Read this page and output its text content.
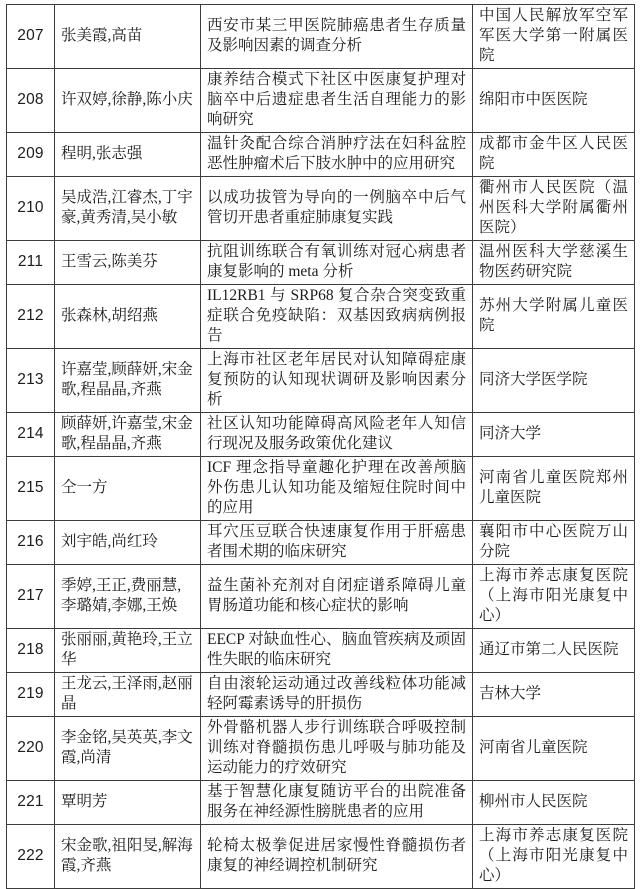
207	张美霞,高苗	西安市某三甲医院肺癌患者生存质量及影响因素的调查分析	中国人民解放军空军军医大学第一附属医院
208	许双婷,徐静,陈小庆	康养结合模式下社区中医康复护理对脑卒中后遗症患者生活自理能力的影响研究	绵阳市中医医院
209	程明,张志强	温针灸配合综合消肿疗法在妇科盆腔恶性肿瘤术后下肢水肿中的应用研究	成都市金牛区人民医院
210	吴成浩,江睿杰,丁宇豪,黄秀清,吴小敏	以成功拔管为导向的一例脑卒中后气管切开患者重症肺康复实践	衢州市人民医院（温州医科大学附属衢州医院）
211	王雪云,陈美芬	抗阻训练联合有氧训练对冠心病患者康复影响的 meta 分析	温州医科大学慈溪生物医药研究院
212	张森林,胡绍燕	IL12RB1 与 SRP68 复合杂合突变致重症联合免疫缺陷：双基因致病病例报告	苏州大学附属儿童医院
213	许嘉莹,顾薛妍,宋金歌,程晶晶,齐燕	上海市社区老年居民对认知障碍症康复预防的认知现状调研及影响因素分析	同济大学医学院
214	顾薛妍,许嘉莹,宋金歌,程晶晶,齐燕	社区认知功能障碍高风险老年人知信行现况及服务政策优化建议	同济大学
215	仝一方	ICF 理念指导童趣化护理在改善颅脑外伤患儿认知功能及缩短住院时间中的应用	河南省儿童医院郑州儿童医院
216	刘宇皓,尚红玲	耳穴压豆联合快速康复作用于肝癌患者围术期的临床研究	襄阳市中心医院万山分院
217	季婷,王正,费丽慧,李璐婧,李娜,王焕	益生菌补充剂对自闭症谱系障碍儿童胃肠道功能和核心症状的影响	上海市养志康复医院（上海市阳光康复中心）
218	张丽丽,黄艳玲,王立华	EECP 对缺血性心、脑血管疾病及顽固性失眠的临床研究	通辽市第二人民医院
219	王龙云,王泽雨,赵丽晶	自由滚轮运动通过改善线粒体功能减轻阿霉素诱导的肝损伤	吉林大学
220	李金铭,吴英英,李文霞,尚清	外骨骼机器人步行训练联合呼吸控制训练对脊髓损伤患儿呼吸与肺功能及运动能力的疗效研究	河南省儿童医院
221	覃明芳	基于智慧化康复随访平台的出院准备服务在神经源性膀胱患者的应用	柳州市人民医院
222	宋金歌,祖阳旻,解海霞,齐燕	轮椅太极拳促进居家慢性脊髓损伤者康复的神经调控机制研究	上海市养志康复医院（上海市阳光康复中心）
